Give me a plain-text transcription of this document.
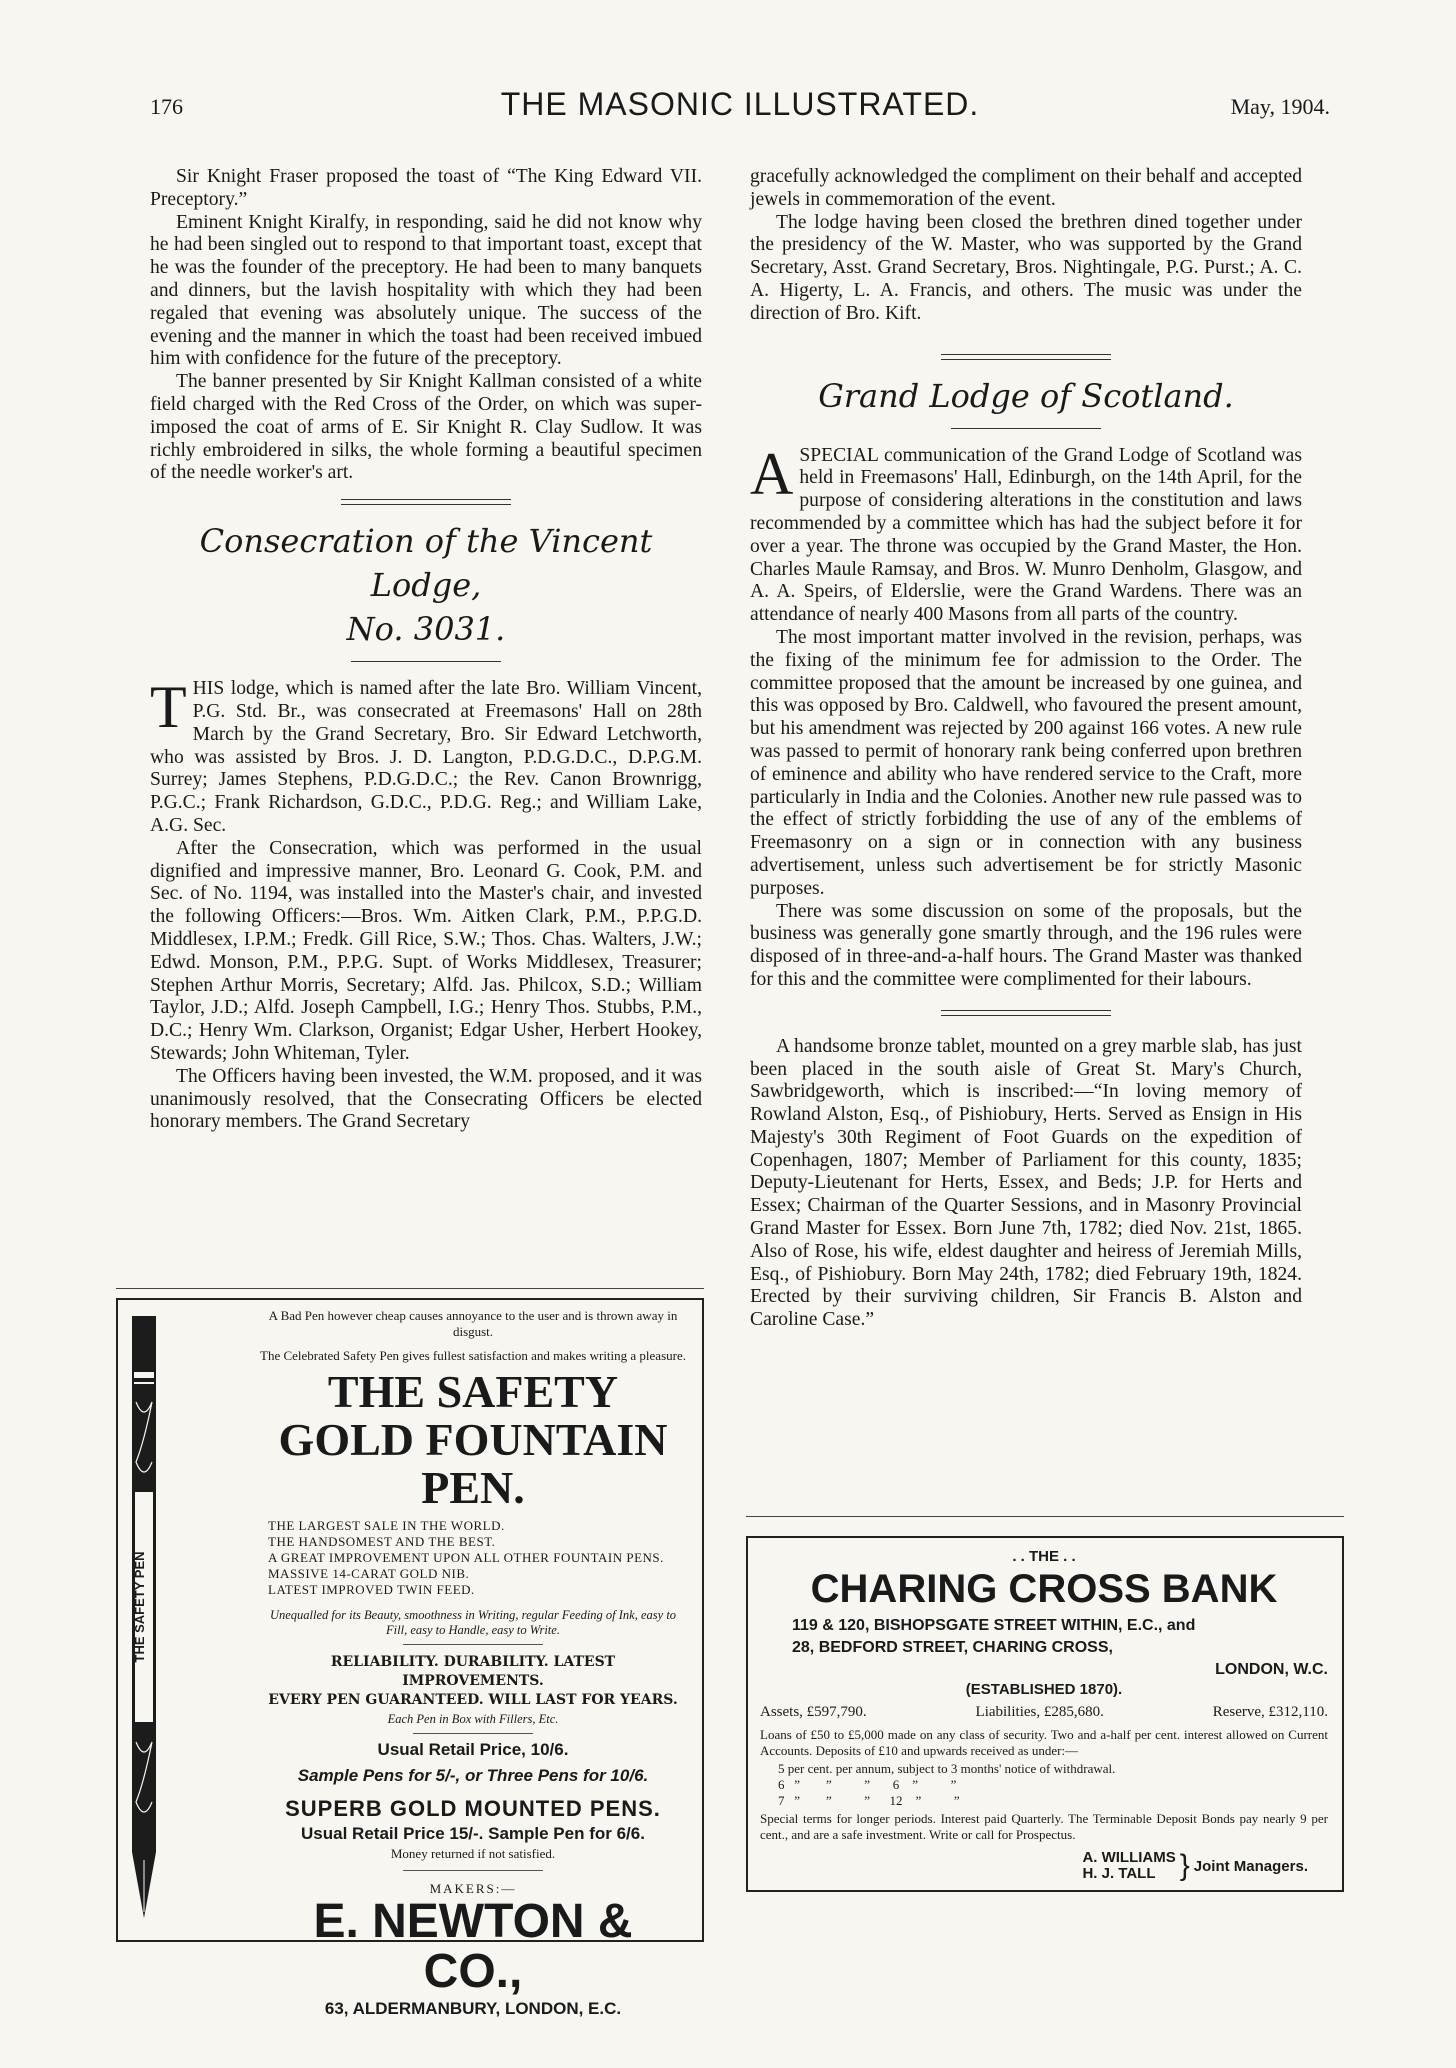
176	THE MASONIC ILLUSTRATED.	May, 1904.

Sir Knight Fraser proposed the toast of “The King Edward VII. Preceptory.”

Eminent Knight Kiralfy, in responding, said he did not know why he had been singled out to respond to that important toast, except that he was the founder of the preceptory. He had been to many banquets and dinners, but the lavish hospitality with which they had been regaled that evening was absolutely unique. The success of the evening and the manner in which the toast had been received imbued him with confidence for the future of the preceptory.

The banner presented by Sir Knight Kallman consisted of a white field charged with the Red Cross of the Order, on which was super-imposed the coat of arms of E. Sir Knight R. Clay Sudlow. It was richly embroidered in silks, the whole forming a beautiful specimen of the needle worker's art.

Consecration of the Vincent Lodge,
No. 3031.
T HIS lodge, which is named after the late Bro. William Vincent, P.G. Std. Br., was consecrated at Freemasons' Hall on 28th March by the Grand Secretary, Bro. Sir Edward Letchworth, who was assisted by Bros. J. D. Langton, P.D.G.D.C., D.P.G.M. Surrey; James Stephens, P.D.G.D.C.; the Rev. Canon Brownrigg, P.G.C.; Frank Richardson, G.D.C., P.D.G. Reg.; and William Lake, A.G. Sec.

After the Consecration, which was performed in the usual dignified and impressive manner, Bro. Leonard G. Cook, P.M. and Sec. of No. 1194, was installed into the Master's chair, and invested the following Officers:—Bros. Wm. Aitken Clark, P.M., P.P.G.D. Middlesex, I.P.M.; Fredk. Gill Rice, S.W.; Thos. Chas. Walters, J.W.; Edwd. Monson, P.M., P.P.G. Supt. of Works Middlesex, Treasurer; Stephen Arthur Morris, Secretary; Alfd. Jas. Philcox, S.D.; William Taylor, J.D.; Alfd. Joseph Campbell, I.G.; Henry Thos. Stubbs, P.M., D.C.; Henry Wm. Clarkson, Organist; Edgar Usher, Herbert Hookey, Stewards; John Whiteman, Tyler.

The Officers having been invested, the W.M. proposed, and it was unanimously resolved, that the Consecrating Officers be elected honorary members. The Grand Secretary

gracefully acknowledged the compliment on their behalf and accepted jewels in commemoration of the event.

The lodge having been closed the brethren dined together under the presidency of the W. Master, who was supported by the Grand Secretary, Asst. Grand Secretary, Bros. Nightingale, P.G. Purst.; A. C. A. Higerty, L. A. Francis, and others. The music was under the direction of Bro. Kift.

Grand Lodge of Scotland.
A SPECIAL communication of the Grand Lodge of Scotland was held in Freemasons' Hall, Edinburgh, on the 14th April, for the purpose of considering alterations in the constitution and laws recommended by a committee which has had the subject before it for over a year. The throne was occupied by the Grand Master, the Hon. Charles Maule Ramsay, and Bros. W. Munro Denholm, Glasgow, and A. A. Speirs, of Elderslie, were the Grand Wardens. There was an attendance of nearly 400 Masons from all parts of the country.

The most important matter involved in the revision, perhaps, was the fixing of the minimum fee for admission to the Order. The committee proposed that the amount be increased by one guinea, and this was opposed by Bro. Caldwell, who favoured the present amount, but his amendment was rejected by 200 against 166 votes. A new rule was passed to permit of honorary rank being conferred upon brethren of eminence and ability who have rendered service to the Craft, more particularly in India and the Colonies. Another new rule passed was to the effect of strictly forbidding the use of any of the emblems of Freemasonry on a sign or in connection with any business advertisement, unless such advertisement be for strictly Masonic purposes.

There was some discussion on some of the proposals, but the business was generally gone smartly through, and the 196 rules were disposed of in three-and-a-half hours. The Grand Master was thanked for this and the committee were complimented for their labours.

A handsome bronze tablet, mounted on a grey marble slab, has just been placed in the south aisle of Great St. Mary's Church, Sawbridgeworth, which is inscribed:—“In loving memory of Rowland Alston, Esq., of Pishiobury, Herts. Served as Ensign in His Majesty's 30th Regiment of Foot Guards on the expedition of Copenhagen, 1807; Member of Parliament for this county, 1835; Deputy-Lieutenant for Herts, Essex, and Beds; J.P. for Herts and Essex; Chairman of the Quarter Sessions, and in Masonry Provincial Grand Master for Essex. Born June 7th, 1782; died Nov. 21st, 1865. Also of Rose, his wife, eldest daughter and heiress of Jeremiah Mills, Esq., of Pishiobury. Born May 24th, 1782; died February 19th, 1824. Erected by their surviving children, Sir Francis B. Alston and Caroline Case.”

THE SAFETY PEN

A Bad Pen however cheap causes annoyance to the user and is thrown away in disgust.

The Celebrated Safety Pen gives fullest satisfaction and makes writing a pleasure.

THE SAFETY

GOLD FOUNTAIN PEN.

THE LARGEST SALE IN THE WORLD.
THE HANDSOMEST AND THE BEST.
A GREAT IMPROVEMENT UPON ALL OTHER FOUNTAIN PENS.
MASSIVE 14-CARAT GOLD NIB.
LATEST IMPROVED TWIN FEED.

Unequalled for its Beauty, smoothness in Writing, regular Feeding of Ink, easy to Fill, easy to Handle, easy to Write.

RELIABILITY. DURABILITY. LATEST IMPROVEMENTS.

EVERY PEN GUARANTEED. WILL LAST FOR YEARS.

Each Pen in Box with Fillers, Etc.

Usual Retail Price, 10/6.

Sample Pens for 5/-, or Three Pens for 10/6.

SUPERB GOLD MOUNTED PENS.

Usual Retail Price 15/-. Sample Pen for 6/6.

Money returned if not satisfied.

MAKERS:—

E. NEWTON & CO.,

63, ALDERMANBURY, LONDON, E.C.

. . THE . .

CHARING CROSS BANK

119 & 120, BISHOPSGATE STREET WITHIN, E.C., and

28, BEDFORD STREET, CHARING CROSS,

LONDON, W.C.

(ESTABLISHED 1870).

Assets, £597,790.	Liabilities, £285,680.	Reserve, £312,110.

Loans of £50 to £5,000 made on any class of security. Two and a-half per cent. interest allowed on Current Accounts. Deposits of £10 and upwards received as under:—

5 per cent. per annum, subject to 3 months' notice of withdrawal.
6   ”        ”          ”       6    ”          ”
7   ”        ”          ”      12    ”          ”

Special terms for longer periods. Interest paid Quarterly. The Terminable Deposit Bonds pay nearly 9 per cent., and are a safe investment. Write or call for Prospectus.

A. WILLIAMS
H. J. TALL } Joint Managers.
